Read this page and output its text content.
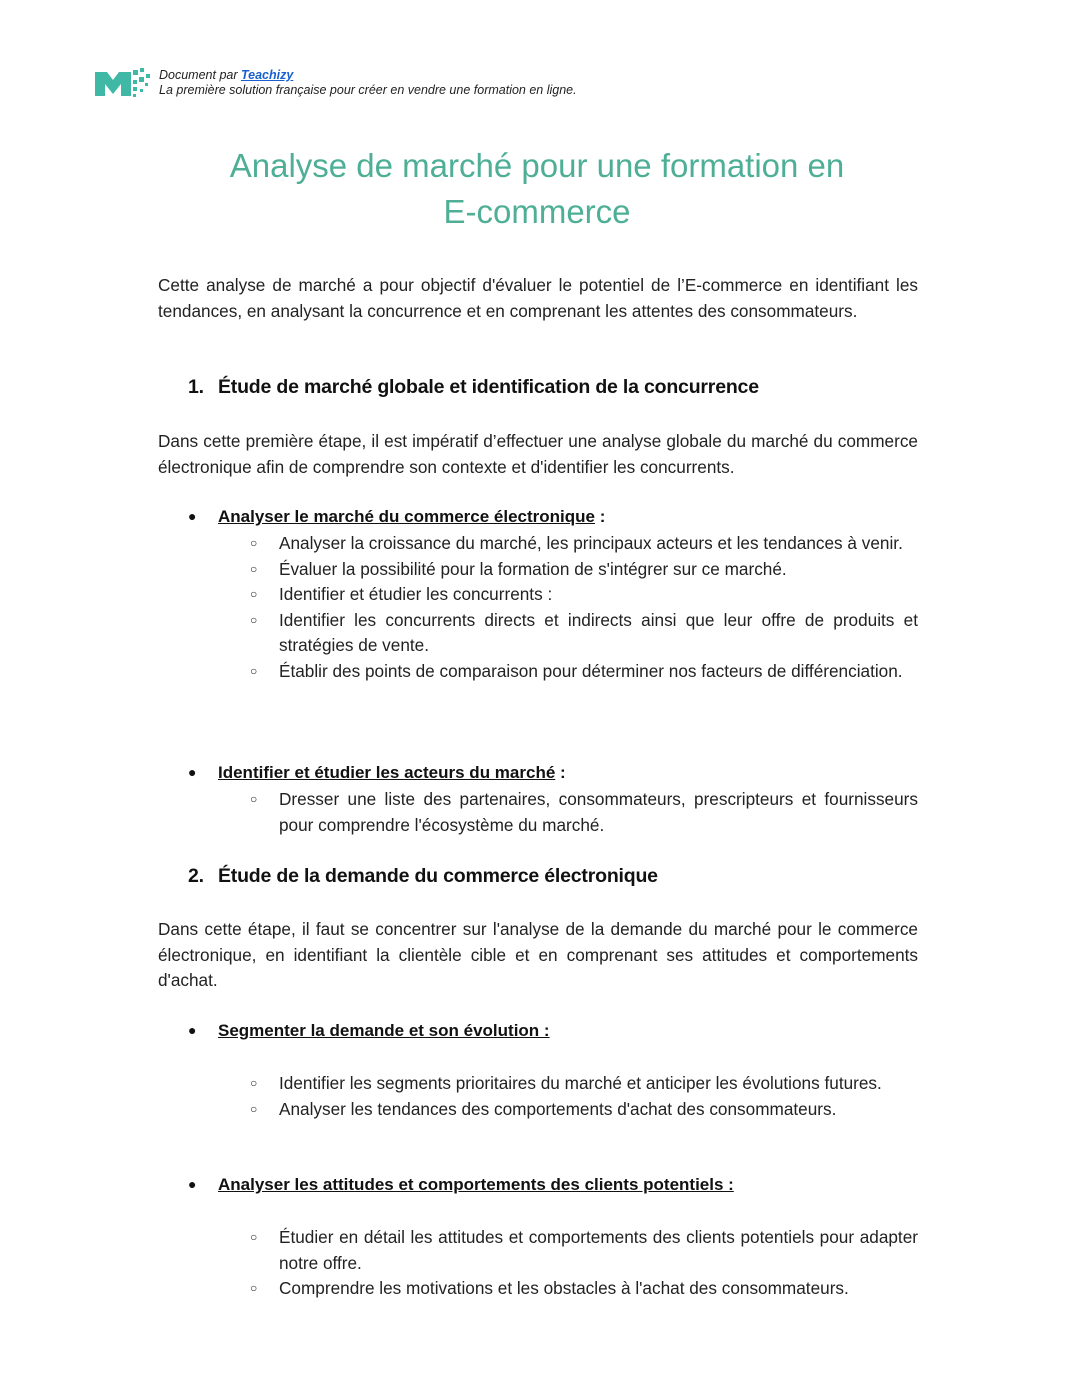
Document par Teachizy
La première solution française pour créer en vendre une formation en ligne.
Analyse de marché pour une formation en
E-commerce

Cette analyse de marché a pour objectif d'évaluer le potentiel de l’E-commerce en identifiant les tendances, en analysant la concurrence et en comprenant les attentes des consommateurs.

1. Étude de marché globale et identification de la concurrence

Dans cette première étape, il est impératif d’effectuer une analyse globale du marché du commerce électronique afin de comprendre son contexte et d'identifier les concurrents.

● Analyser le marché du commerce électronique :
○ Analyser la croissance du marché, les principaux acteurs et les tendances à venir.
○ Évaluer la possibilité pour la formation de s'intégrer sur ce marché.
○ Identifier et étudier les concurrents :
○ Identifier les concurrents directs et indirects ainsi que leur offre de produits et stratégies de vente.
○ Établir des points de comparaison pour déterminer nos facteurs de différenciation.
● Identifier et étudier les acteurs du marché :
○ Dresser une liste des partenaires, consommateurs, prescripteurs et fournisseurs pour comprendre l'écosystème du marché.
2. Étude de la demande du commerce électronique

Dans cette étape, il faut se concentrer sur l'analyse de la demande du marché pour le commerce électronique, en identifiant la clientèle cible et en comprenant ses attitudes et comportements d'achat.

● Segmenter la demande et son évolution :
○ Identifier les segments prioritaires du marché et anticiper les évolutions futures.
○ Analyser les tendances des comportements d'achat des consommateurs.
● Analyser les attitudes et comportements des clients potentiels :
○ Étudier en détail les attitudes et comportements des clients potentiels pour adapter notre offre.
○ Comprendre les motivations et les obstacles à l'achat des consommateurs.
